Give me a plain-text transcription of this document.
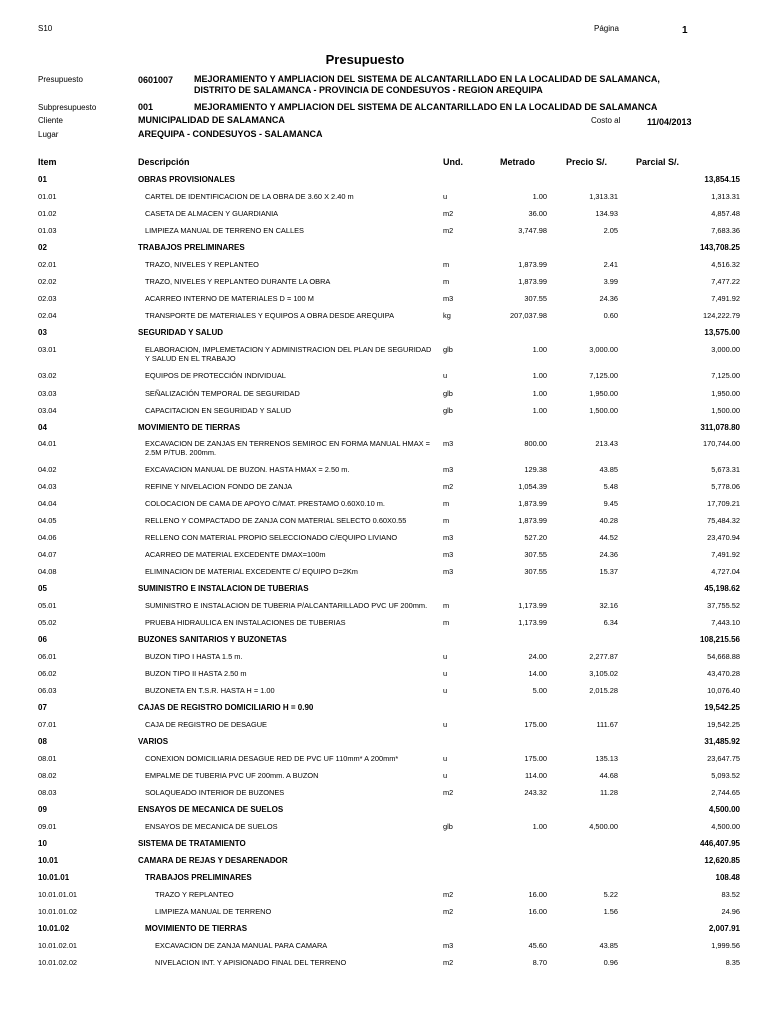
S10	Página	1
Presupuesto
Presupuesto	0601007 MEJORAMIENTO Y AMPLIACION DEL SISTEMA DE ALCANTARILLADO EN LA LOCALIDAD DE SALAMANCA, DISTRITO DE SALAMANCA - PROVINCIA DE CONDESUYOS - REGION AREQUIPA
Subpresupuesto	001	MEJORAMIENTO Y AMPLIACION DEL SISTEMA DE ALCANTARILLADO EN LA LOCALIDAD DE SALAMANCA
Cliente	MUNICIPALIDAD DE SALAMANCA	Costo al	11/04/2013
Lugar	AREQUIPA - CONDESUYOS - SALAMANCA
Item	Descripción	Und.	Metrado	Precio S/.	Parcial S/.
01	OBRAS PROVISIONALES				13,854.15
01.01	CARTEL DE IDENTIFICACION DE LA OBRA DE 3.60 X 2.40 m	u	1.00	1,313.31	1,313.31
01.02	CASETA DE ALMACEN Y GUARDIANIA	m2	36.00	134.93	4,857.48
01.03	LIMPIEZA MANUAL DE TERRENO EN CALLES	m2	3,747.98	2.05	7,683.36
02	TRABAJOS PRELIMINARES				143,708.25
02.01	TRAZO, NIVELES Y REPLANTEO	m	1,873.99	2.41	4,516.32
02.02	TRAZO, NIVELES Y REPLANTEO DURANTE LA OBRA	m	1,873.99	3.99	7,477.22
02.03	ACARREO INTERNO DE MATERIALES D = 100 M	m3	307.55	24.36	7,491.92
02.04	TRANSPORTE DE MATERIALES Y EQUIPOS A OBRA DESDE AREQUIPA	kg	207,037.98	0.60	124,222.79
03	SEGURIDAD Y SALUD				13,575.00
03.01	ELABORACION, IMPLEMETACION Y ADMINISTRACION DEL PLAN DE SEGURIDAD Y SALUD EN EL TRABAJO	glb	1.00	3,000.00	3,000.00
03.02	EQUIPOS DE PROTECCIÓN INDIVIDUAL	u	1.00	7,125.00	7,125.00
03.03	SEÑALIZACIÓN TEMPORAL DE SEGURIDAD	glb	1.00	1,950.00	1,950.00
03.04	CAPACITACION EN SEGURIDAD Y SALUD	glb	1.00	1,500.00	1,500.00
04	MOVIMIENTO DE TIERRAS				311,078.80
04.01	EXCAVACION DE ZANJAS EN TERRENOS SEMIROC EN FORMA MANUAL HMAX = 2.5M P/TUB. 200mm.	m3	800.00	213.43	170,744.00
04.02	EXCAVACION MANUAL DE BUZON. HASTA HMAX = 2.50 m.	m3	129.38	43.85	5,673.31
04.03	REFINE Y NIVELACION FONDO DE ZANJA	m2	1,054.39	5.48	5,778.06
04.04	COLOCACION DE CAMA DE APOYO C/MAT. PRESTAMO 0.60X0.10 m.	m	1,873.99	9.45	17,709.21
04.05	RELLENO Y COMPACTADO DE ZANJA CON MATERIAL SELECTO 0.60X0.55	m	1,873.99	40.28	75,484.32
04.06	RELLENO CON MATERIAL PROPIO SELECCIONADO C/EQUIPO LIVIANO	m3	527.20	44.52	23,470.94
04.07	ACARREO DE MATERIAL EXCEDENTE DMAX=100m	m3	307.55	24.36	7,491.92
04.08	ELIMINACION DE MATERIAL EXCEDENTE C/ EQUIPO D=2Km	m3	307.55	15.37	4,727.04
05	SUMINISTRO E INSTALACION DE TUBERIAS				45,198.62
05.01	SUMINISTRO E INSTALACION DE TUBERIA P/ALCANTARILLADO PVC UF 200mm.	m	1,173.99	32.16	37,755.52
05.02	PRUEBA HIDRAULICA EN INSTALACIONES DE TUBERIAS	m	1,173.99	6.34	7,443.10
06	BUZONES SANITARIOS Y BUZONETAS				108,215.56
06.01	BUZON TIPO I HASTA 1.5 m.	u	24.00	2,277.87	54,668.88
06.02	BUZON TIPO II HASTA 2.50 m	u	14.00	3,105.02	43,470.28
06.03	BUZONETA EN T.S.R. HASTA H = 1.00	u	5.00	2,015.28	10,076.40
07	CAJAS DE REGISTRO DOMICILIARIO H = 0.90				19,542.25
07.01	CAJA DE REGISTRO DE DESAGUE	u	175.00	111.67	19,542.25
08	VARIOS				31,485.92
08.01	CONEXION DOMICILIARIA DESAGUE RED DE PVC UF 110mm* A 200mm*	u	175.00	135.13	23,647.75
08.02	EMPALME DE TUBERIA PVC UF 200mm. A BUZON	u	114.00	44.68	5,093.52
08.03	SOLAQUEADO INTERIOR DE BUZONES	m2	243.32	11.28	2,744.65
09	ENSAYOS DE MECANICA DE SUELOS				4,500.00
09.01	ENSAYOS DE MECANICA DE SUELOS	glb	1.00	4,500.00	4,500.00
10	SISTEMA DE TRATAMIENTO				446,407.95
10.01	CAMARA DE REJAS Y DESARENADOR				12,620.85
10.01.01	TRABAJOS PRELIMINARES				108.48
10.01.01.01	TRAZO Y REPLANTEO	m2	16.00	5.22	83.52
10.01.01.02	LIMPIEZA MANUAL DE TERRENO	m2	16.00	1.56	24.96
10.01.02	MOVIMIENTO DE TIERRAS				2,007.91
10.01.02.01	EXCAVACION DE ZANJA MANUAL PARA CAMARA	m3	45.60	43.85	1,999.56
10.01.02.02	NIVELACION INT. Y APISIONADO FINAL DEL TERRENO	m2	8.70	0.96	8.35
